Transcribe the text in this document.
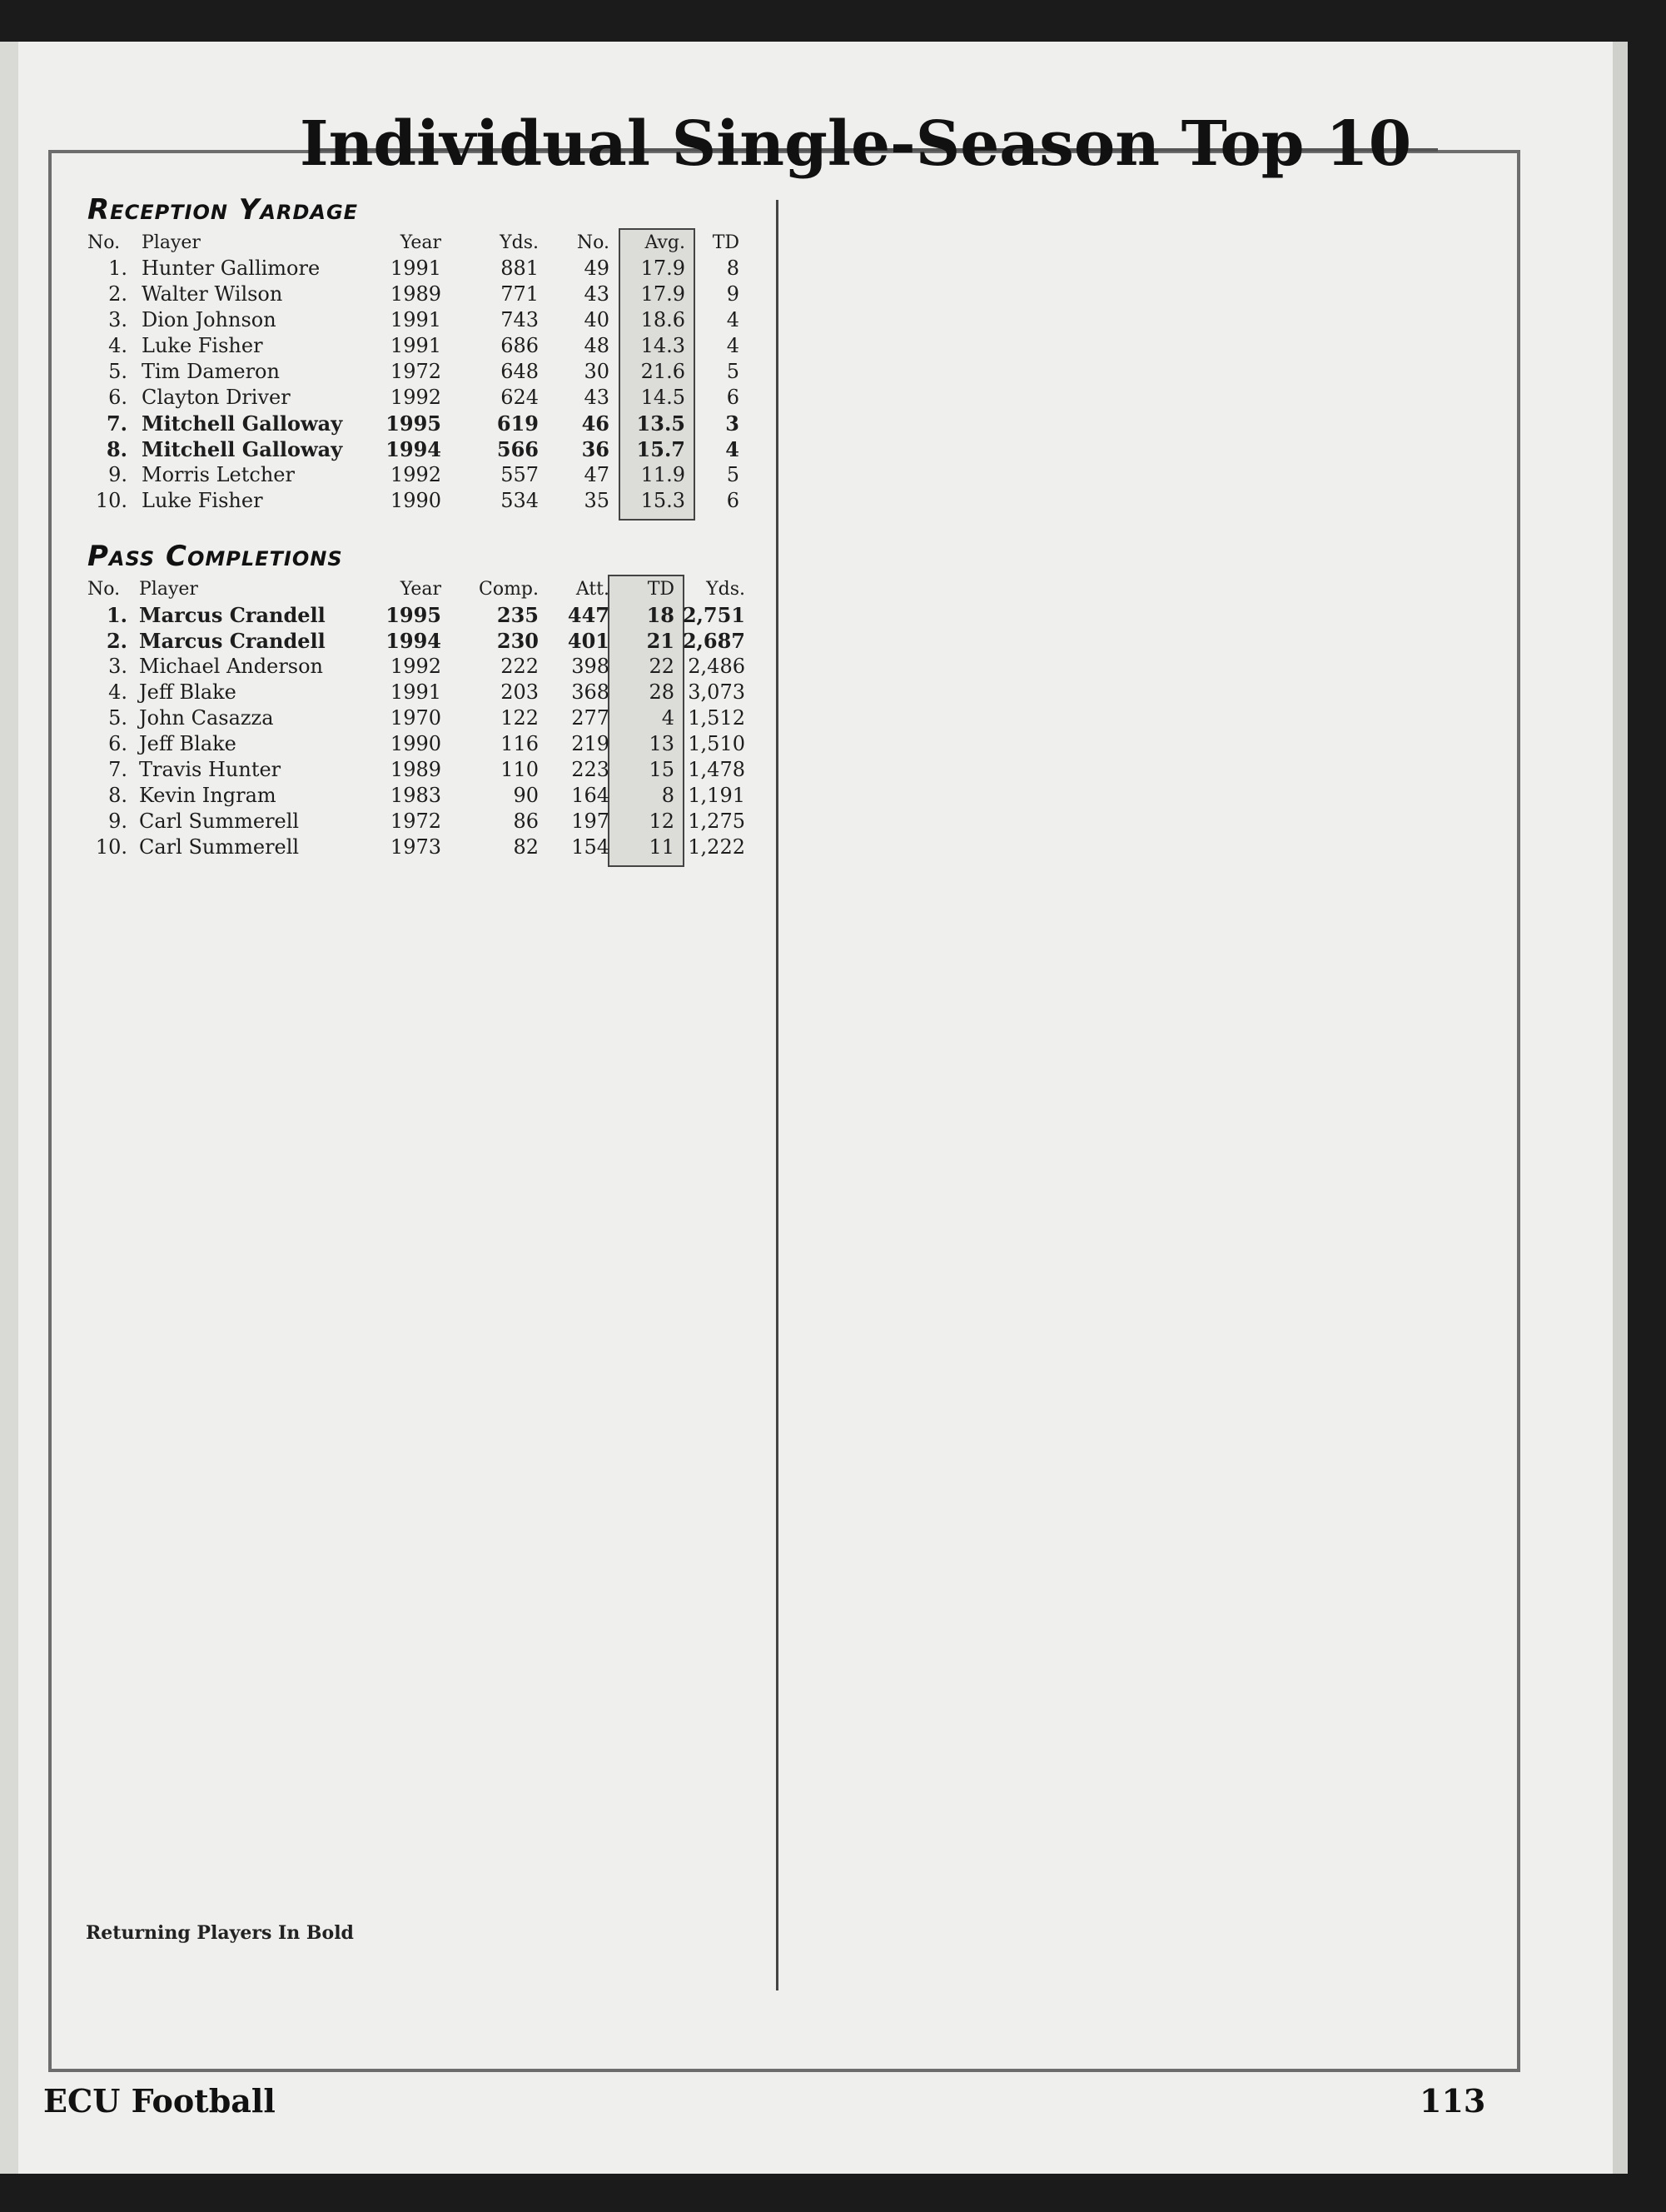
Individual Single-Season Top 10
Reception Yardage
No. Player	Year	Yds. No. Avg. TD
1. Hunter Gallimore	1991	881 49 17.9 8
2. Walter Wilson	1989	771 43 17.9 9
3. Dion Johnson	1991	743 40 18.6 4
4. Luke Fisher	1991	686 48 14.3 4
5. Tim Dameron	1972	648 30 21.6 5
6. Clayton Driver	1992	624 43 14.5 6
7. Mitchell Galloway 1995	619 46 13.5 3
8. Mitchell Galloway 1994	566 36 15.7 4
9. Morris Letcher	1992	557 47 11.9 5
10. Luke Fisher	1990	534 35 15.3 6
Pass Completions
No. Player	Year Comp. Att. TD Yds.
1. Marcus Crandell	1995	235 447 18 2,751
2. Marcus Crandell	1994	230 401 21 2,687
3. Michael Anderson	1992	222 398 22 2,486
4. Jeff Blake	1991	203 368 28 3,073
5. John Casazza	1970	122 277	4 1,512
6. Jeff Blake	1990	116 219 13 1,510
7. Travis Hunter	1989	110 223 15 1,478
8. Kevin Ingram	1983	90 164	8 1,191
9. Carl Summerell	1972	86 197 12 1,275
10. Carl Summerell	1973	82 154 11 1,222
Returning Players In Bold
ECU Football	113
